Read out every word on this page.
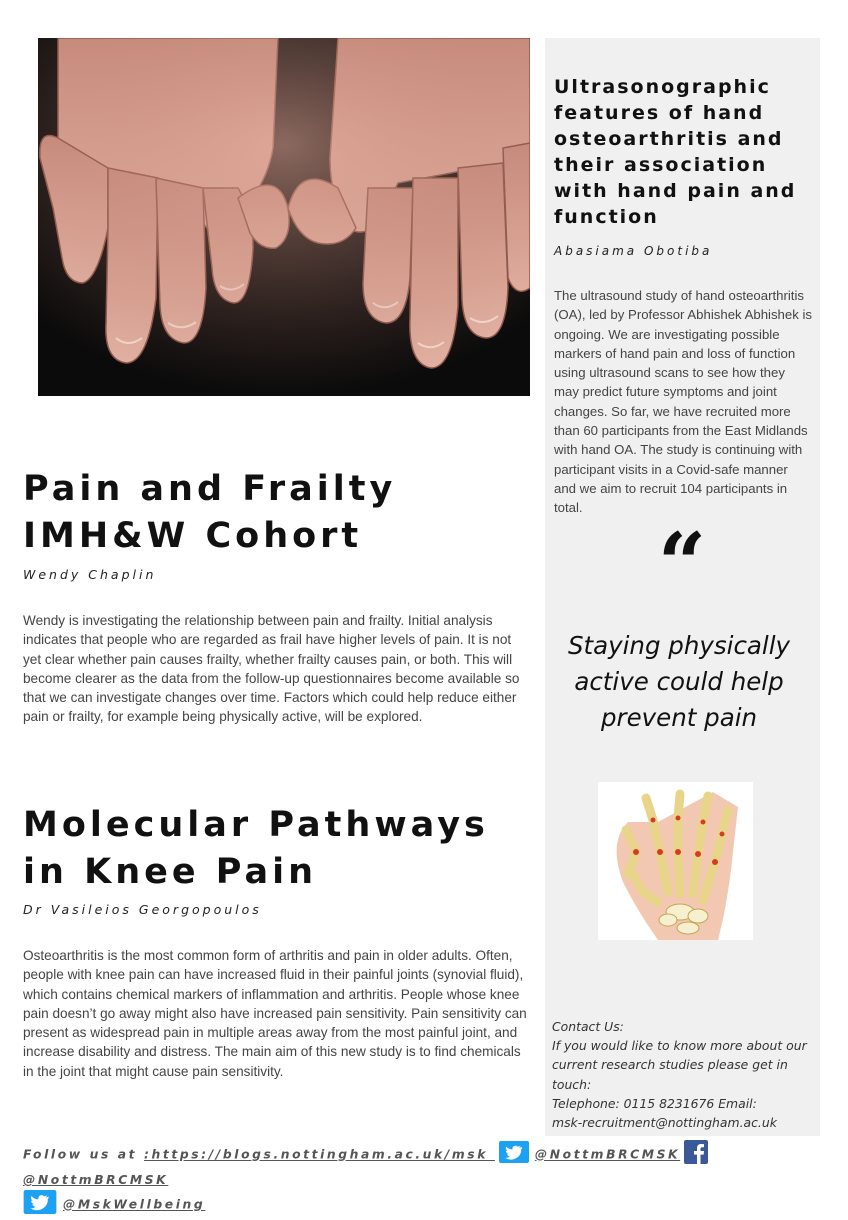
Ultrasonographic features of hand osteoarthritis and their association with hand pain and function
Abasiama Obotiba
The ultrasound study of hand osteoarthritis (OA), led by Professor Abhishek Abhishek is ongoing. We are investigating possible markers of hand pain and loss of function using ultrasound scans to see how they may predict future symptoms and joint changes. So far, we have recruited more than 60 participants from the East Midlands with hand OA. The study is continuing with participant visits in a Covid-safe manner and we aim to recruit 104 participants in total.
“
Staying physically active could help prevent pain
Contact Us:
If you would like to know more about our current research studies please get in touch:
Telephone: 0115 8231676 Email:
msk-recruitment@nottingham.ac.uk
Pain and Frailty IMH&W Cohort
Wendy Chaplin
Wendy is investigating the relationship between pain and frailty. Initial analysis indicates that people who are regarded as frail have higher levels of pain. It is not yet clear whether pain causes frailty, whether frailty causes pain, or both. This will become clearer as the data from the follow-up questionnaires become available so that we can investigate changes over time. Factors which could help reduce either pain or frailty, for example being physically active, will be explored.
Molecular Pathways in Knee Pain
Dr Vasileios Georgopoulos
Osteoarthritis is the most common form of arthritis and pain in older adults. Often, people with knee pain can have increased fluid in their painful joints (synovial fluid), which contains chemical markers of inflammation and arthritis. People whose knee pain doesn’t go away might also have increased pain sensitivity. Pain sensitivity can present as widespread pain in multiple areas away from the most painful joint, and increase disability and distress. The main aim of this new study is to find chemicals in the joint that might cause pain sensitivity.
Follow us at :https://blogs.nottingham.ac.uk/msk	@NottmBRCMSK@NottmBRCMSK
@MskWellbeing
